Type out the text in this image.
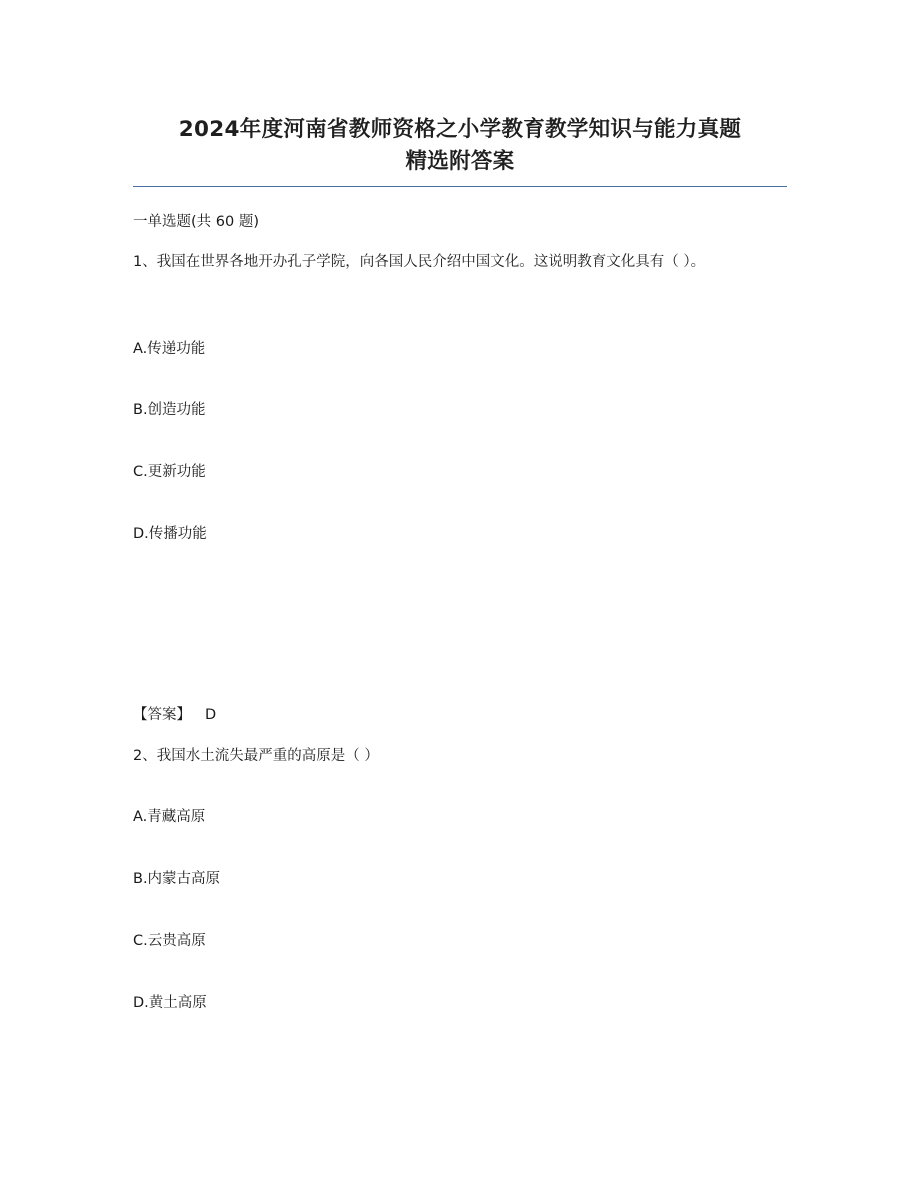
2024年度河南省教师资格之小学教育教学知识与能力真题
精选附答案
一单选题(共 60 题)
1、我国在世界各地开办孔子学院，向各国人民介绍中国文化。这说明教育文化具有（ ）。
A.传递功能
B.创造功能
C.更新功能
D.传播功能
【答案】 D
2、我国水土流失最严重的高原是（ ）
A.青藏高原
B.内蒙古高原
C.云贵高原
D.黄土高原
